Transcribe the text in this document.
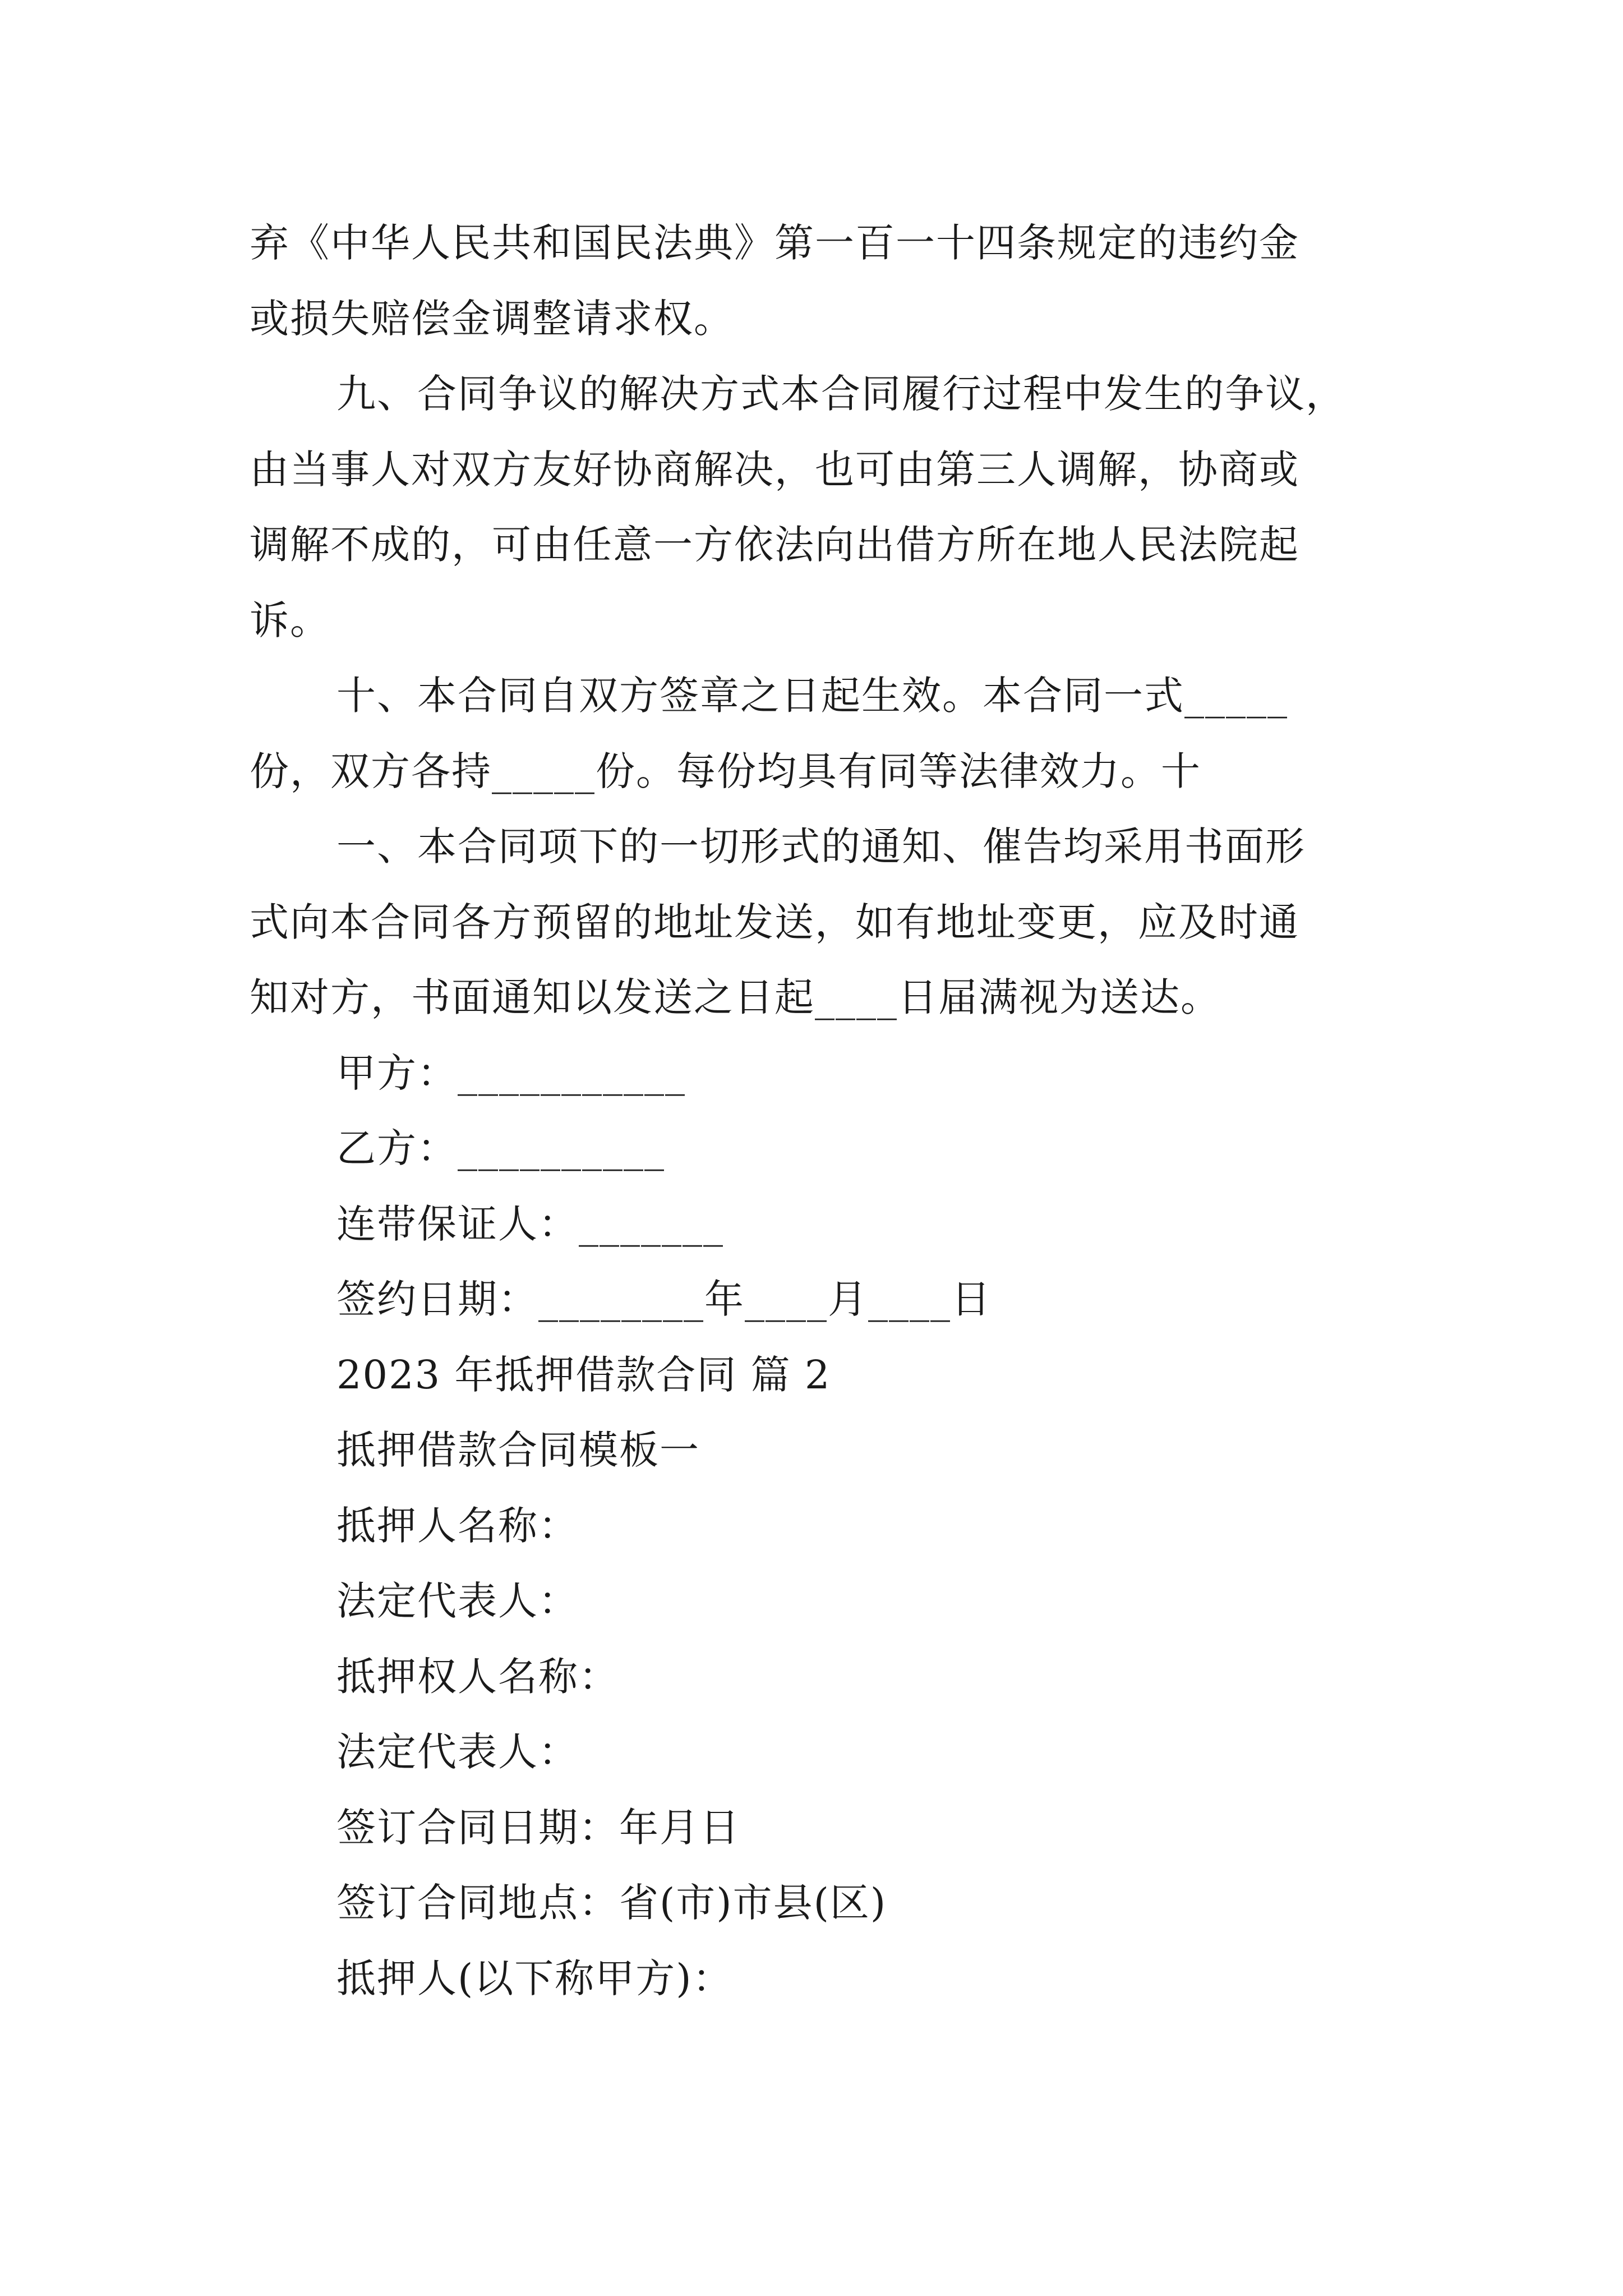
弃《中华人民共和国民法典》第一百一十四条规定的违约金
或损失赔偿金调整请求权。
九、合同争议的解决方式本合同履行过程中发生的争议，
由当事人对双方友好协商解决，也可由第三人调解，协商或
调解不成的，可由任意一方依法向出借方所在地人民法院起
诉。
十、本合同自双方签章之日起生效。本合同一式_____
份，双方各持_____份。每份均具有同等法律效力。十
一、本合同项下的一切形式的通知、催告均采用书面形
式向本合同各方预留的地址发送，如有地址变更，应及时通
知对方，书面通知以发送之日起____日届满视为送达。
甲方：___________
乙方：__________
连带保证人：_______
签约日期：________年____月____日
2023 年抵押借款合同 篇 2
抵押借款合同模板一
抵押人名称：
法定代表人：
抵押权人名称：
法定代表人：
签订合同日期：年月日
签订合同地点：省(市)市县(区)
抵押人(以下称甲方)：
